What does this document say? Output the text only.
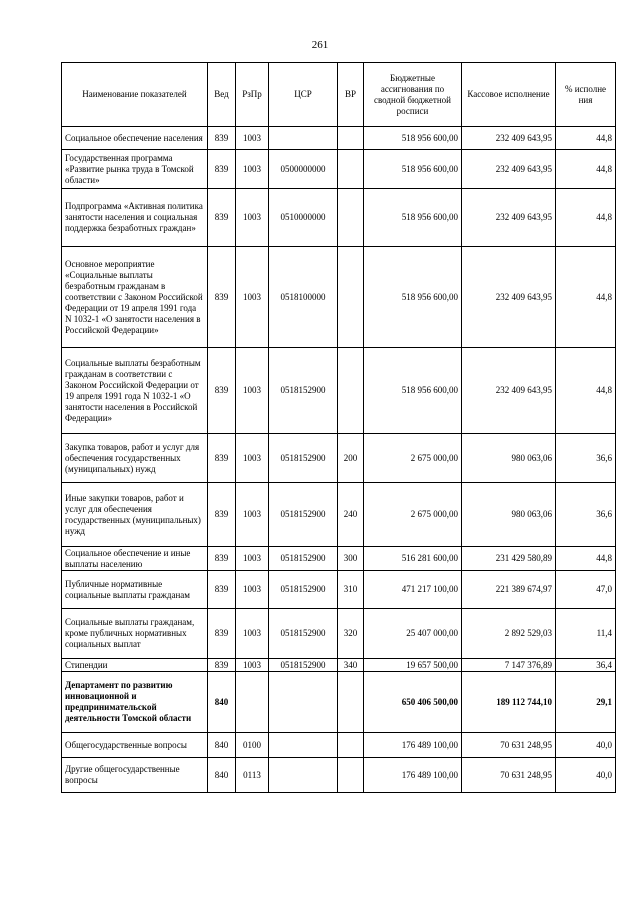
261
Наименование показателей	Вед	РзПр	ЦСР	ВР	Бюджетные ассигнования по сводной бюджетной росписи	Кассовое исполнение	% исполне ния
Социальное обеспечение населения	839	1003			518 956 600,00	232 409 643,95	44,8
Государственная программа «Развитие рынка труда в Томской области»	839	1003	0500000000		518 956 600,00	232 409 643,95	44,8
Подпрограмма «Активная политика занятости населения и социальная поддержка безработных граждан»	839	1003	0510000000		518 956 600,00	232 409 643,95	44,8
Основное мероприятие «Социальные выплаты безработным гражданам в соответствии с Законом Российской Федерации от 19 апреля 1991 года N 1032-1 «О занятости населения в Российской Федерации»	839	1003	0518100000		518 956 600,00	232 409 643,95	44,8
Социальные выплаты безработным гражданам в соответствии с Законом Российской Федерации от 19 апреля 1991 года N 1032-1 «О занятости населения в Российской Федерации»	839	1003	0518152900		518 956 600,00	232 409 643,95	44,8
Закупка товаров, работ и услуг для обеспечения государственных (муниципальных) нужд	839	1003	0518152900	200	2 675 000,00	980 063,06	36,6
Иные закупки товаров, работ и услуг для обеспечения государственных (муниципальных) нужд	839	1003	0518152900	240	2 675 000,00	980 063,06	36,6
Социальное обеспечение и иные выплаты населению	839	1003	0518152900	300	516 281 600,00	231 429 580,89	44,8
Публичные нормативные социальные выплаты гражданам	839	1003	0518152900	310	471 217 100,00	221 389 674,97	47,0
Социальные выплаты гражданам, кроме публичных нормативных социальных выплат	839	1003	0518152900	320	25 407 000,00	2 892 529,03	11,4
Стипендии	839	1003	0518152900	340	19 657 500,00	7 147 376,89	36,4
Департамент по развитию инновационной и предпринимательской деятельности Томской области	840				650 406 500,00	189 112 744,10	29,1
Общегосударственные вопросы	840	0100			176 489 100,00	70 631 248,95	40,0
Другие общегосударственные вопросы	840	0113			176 489 100,00	70 631 248,95	40,0
